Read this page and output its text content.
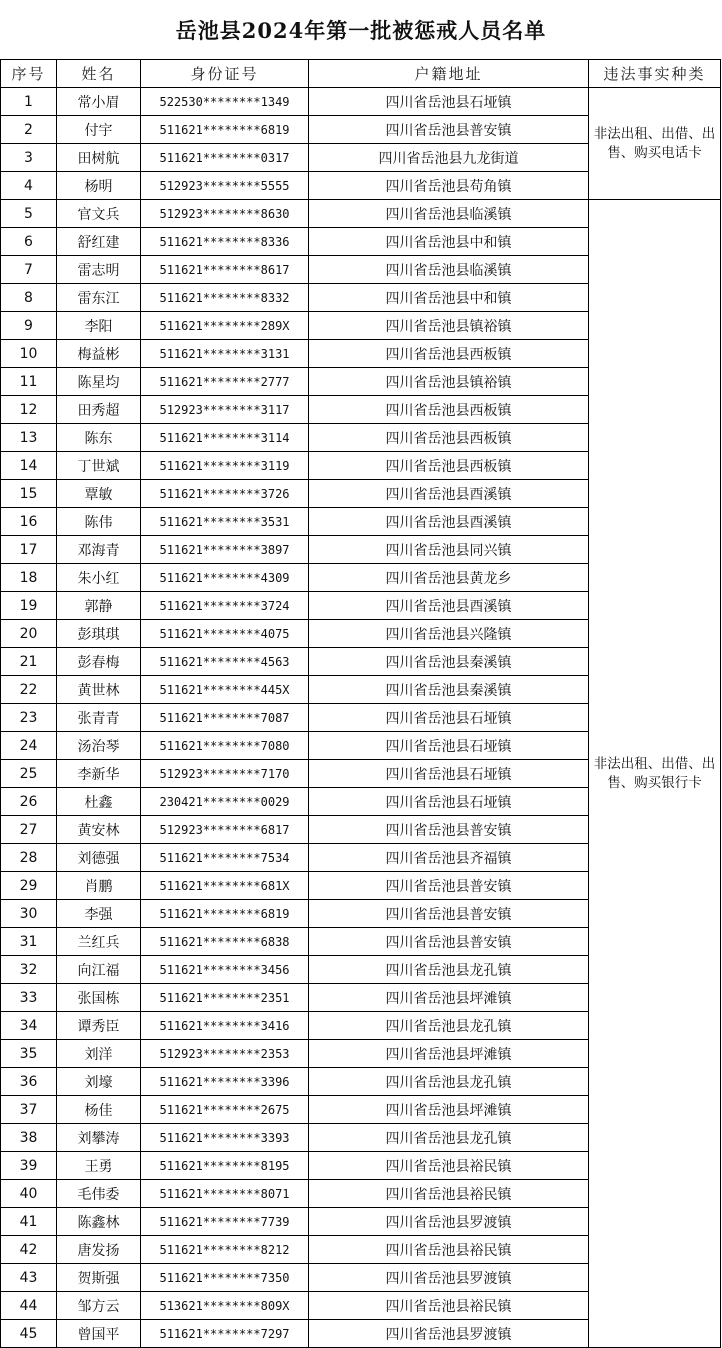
岳池县2024年第一批被惩戒人员名单
序号	姓名	身份证号	户籍地址	违法事实种类
1	常小眉	522530********1349	四川省岳池县石垭镇	非法出租、出借、出售、购买电话卡
2	付宇	511621********6819	四川省岳池县普安镇	
3	田树航	511621********0317	四川省岳池县九龙街道	
4	杨明	512923********5555	四川省岳池县苟角镇	
5	官文兵	512923********8630	四川省岳池县临溪镇	非法出租、出借、出售、购买银行卡
6	舒红建	511621********8336	四川省岳池县中和镇	
7	雷志明	511621********8617	四川省岳池县临溪镇	
8	雷东江	511621********8332	四川省岳池县中和镇	
9	李阳	511621********289X	四川省岳池县镇裕镇	
10	梅益彬	511621********3131	四川省岳池县西板镇	
11	陈星均	511621********2777	四川省岳池县镇裕镇	
12	田秀超	512923********3117	四川省岳池县西板镇	
13	陈东	511621********3114	四川省岳池县西板镇	
14	丁世斌	511621********3119	四川省岳池县西板镇	
15	覃敏	511621********3726	四川省岳池县酉溪镇	
16	陈伟	511621********3531	四川省岳池县酉溪镇	
17	邓海青	511621********3897	四川省岳池县同兴镇	
18	朱小红	511621********4309	四川省岳池县黄龙乡	
19	郭静	511621********3724	四川省岳池县酉溪镇	
20	彭琪琪	511621********4075	四川省岳池县兴隆镇	
21	彭春梅	511621********4563	四川省岳池县秦溪镇	
22	黄世林	511621********445X	四川省岳池县秦溪镇	
23	张青青	511621********7087	四川省岳池县石垭镇	
24	汤治琴	511621********7080	四川省岳池县石垭镇	
25	李新华	512923********7170	四川省岳池县石垭镇	
26	杜鑫	230421********0029	四川省岳池县石垭镇	
27	黄安林	512923********6817	四川省岳池县普安镇	
28	刘德强	511621********7534	四川省岳池县齐福镇	
29	肖鹏	511621********681X	四川省岳池县普安镇	
30	李强	511621********6819	四川省岳池县普安镇	
31	兰红兵	511621********6838	四川省岳池县普安镇	
32	向江福	511621********3456	四川省岳池县龙孔镇	
33	张国栋	511621********2351	四川省岳池县坪滩镇	
34	谭秀臣	511621********3416	四川省岳池县龙孔镇	
35	刘洋	512923********2353	四川省岳池县坪滩镇	
36	刘壕	511621********3396	四川省岳池县龙孔镇	
37	杨佳	511621********2675	四川省岳池县坪滩镇	
38	刘攀涛	511621********3393	四川省岳池县龙孔镇	
39	王勇	511621********8195	四川省岳池县裕民镇	
40	毛伟委	511621********8071	四川省岳池县裕民镇	
41	陈鑫林	511621********7739	四川省岳池县罗渡镇	
42	唐发扬	511621********8212	四川省岳池县裕民镇	
43	贺斯强	511621********7350	四川省岳池县罗渡镇	
44	邹方云	513621********809X	四川省岳池县裕民镇	
45	曾国平	511621********7297	四川省岳池县罗渡镇	
